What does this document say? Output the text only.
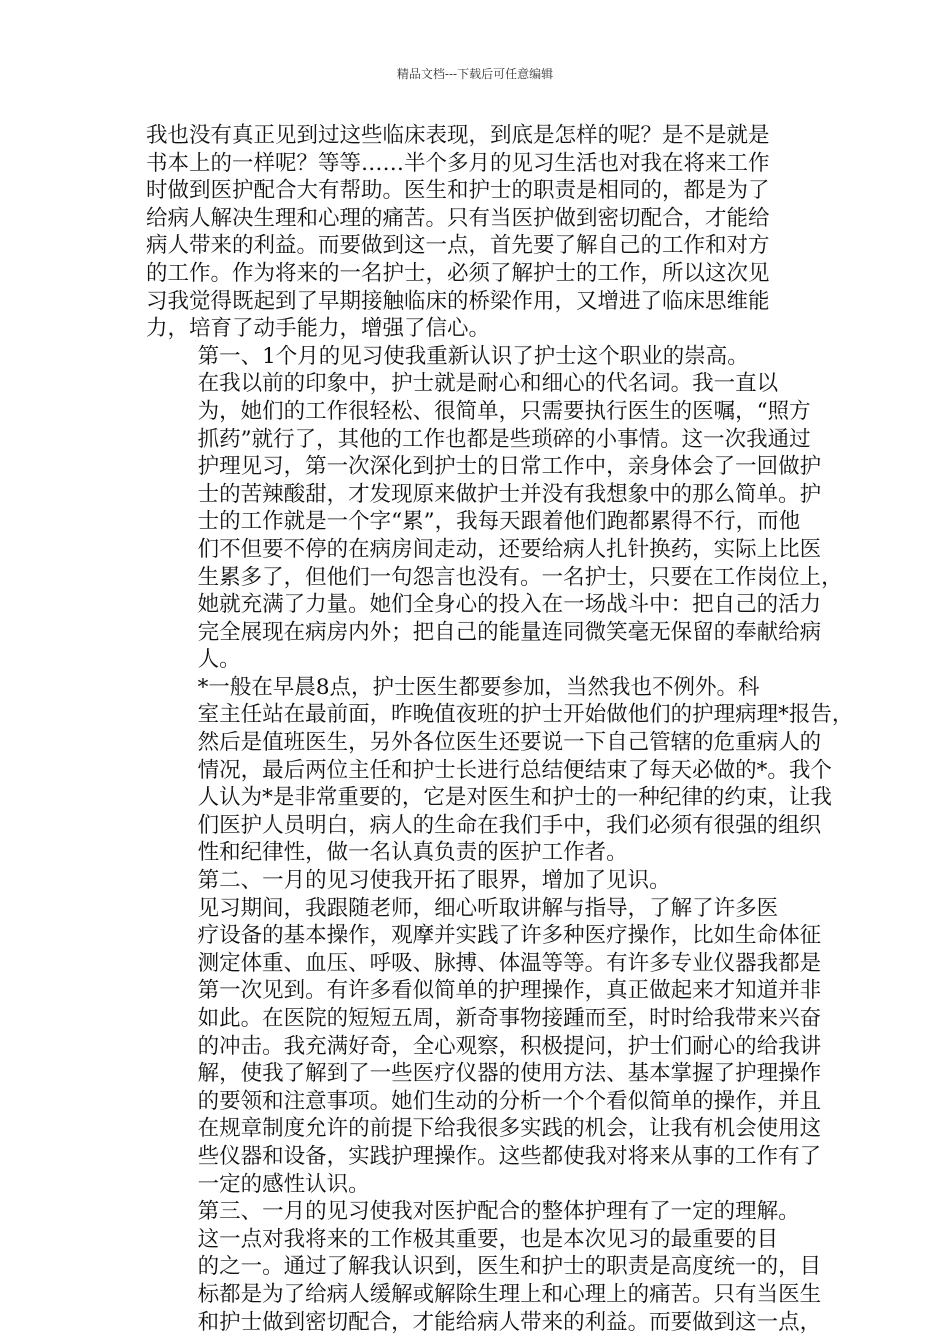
精品文档---下载后可任意编辑
我也没有真正见到过这些临床表现，到底是怎样的呢？是不是就是
书本上的一样呢？等等……半个多月的见习生活也对我在将来工作
时做到医护配合大有帮助。医生和护士的职责是相同的，都是为了
给病人解决生理和心理的痛苦。只有当医护做到密切配合，才能给
病人带来的利益。而要做到这一点，首先要了解自己的工作和对方
的工作。作为将来的一名护士，必须了解护士的工作，所以这次见
习我觉得既起到了早期接触临床的桥梁作用，又增进了临床思维能
力，培育了动手能力，增强了信心。
第一、1个月的见习使我重新认识了护士这个职业的崇高。
在我以前的印象中，护士就是耐心和细心的代名词。我一直以
为，她们的工作很轻松、很简单，只需要执行医生的医嘱，“照方
抓药”就行了，其他的工作也都是些琐碎的小事情。这一次我通过
护理见习，第一次深化到护士的日常工作中，亲身体会了一回做护
士的苦辣酸甜，才发现原来做护士并没有我想象中的那么简单。护
士的工作就是一个字“累”，我每天跟着他们跑都累得不行，而他
们不但要不停的在病房间走动，还要给病人扎针换药，实际上比医
生累多了，但他们一句怨言也没有。一名护士，只要在工作岗位上，
她就充满了力量。她们全身心的投入在一场战斗中：把自己的活力
完全展现在病房内外；把自己的能量连同微笑毫无保留的奉献给病
人。
*一般在早晨8点，护士医生都要参加，当然我也不例外。科
室主任站在最前面，昨晚值夜班的护士开始做他们的护理病理*报告，
然后是值班医生，另外各位医生还要说一下自己管辖的危重病人的
情况，最后两位主任和护士长进行总结便结束了每天必做的*。我个
人认为*是非常重要的，它是对医生和护士的一种纪律的约束，让我
们医护人员明白，病人的生命在我们手中，我们必须有很强的组织
性和纪律性，做一名认真负责的医护工作者。
第二、一月的见习使我开拓了眼界，增加了见识。
见习期间，我跟随老师，细心听取讲解与指导，了解了许多医
疗设备的基本操作，观摩并实践了许多种医疗操作，比如生命体征
测定体重、血压、呼吸、脉搏、体温等等。有许多专业仪器我都是
第一次见到。有许多看似简单的护理操作，真正做起来才知道并非
如此。在医院的短短五周，新奇事物接踵而至，时时给我带来兴奋
的冲击。我充满好奇，全心观察，积极提问，护士们耐心的给我讲
解，使我了解到了一些医疗仪器的使用方法、基本掌握了护理操作
的要领和注意事项。她们生动的分析一个个看似简单的操作，并且
在规章制度允许的前提下给我很多实践的机会，让我有机会使用这
些仪器和设备，实践护理操作。这些都使我对将来从事的工作有了
一定的感性认识。
第三、一月的见习使我对医护配合的整体护理有了一定的理解。
这一点对我将来的工作极其重要，也是本次见习的最重要的目
的之一。通过了解我认识到，医生和护士的职责是高度统一的，目
标都是为了给病人缓解或解除生理上和心理上的痛苦。只有当医生
和护士做到密切配合，才能给病人带来的利益。而要做到这一点，
